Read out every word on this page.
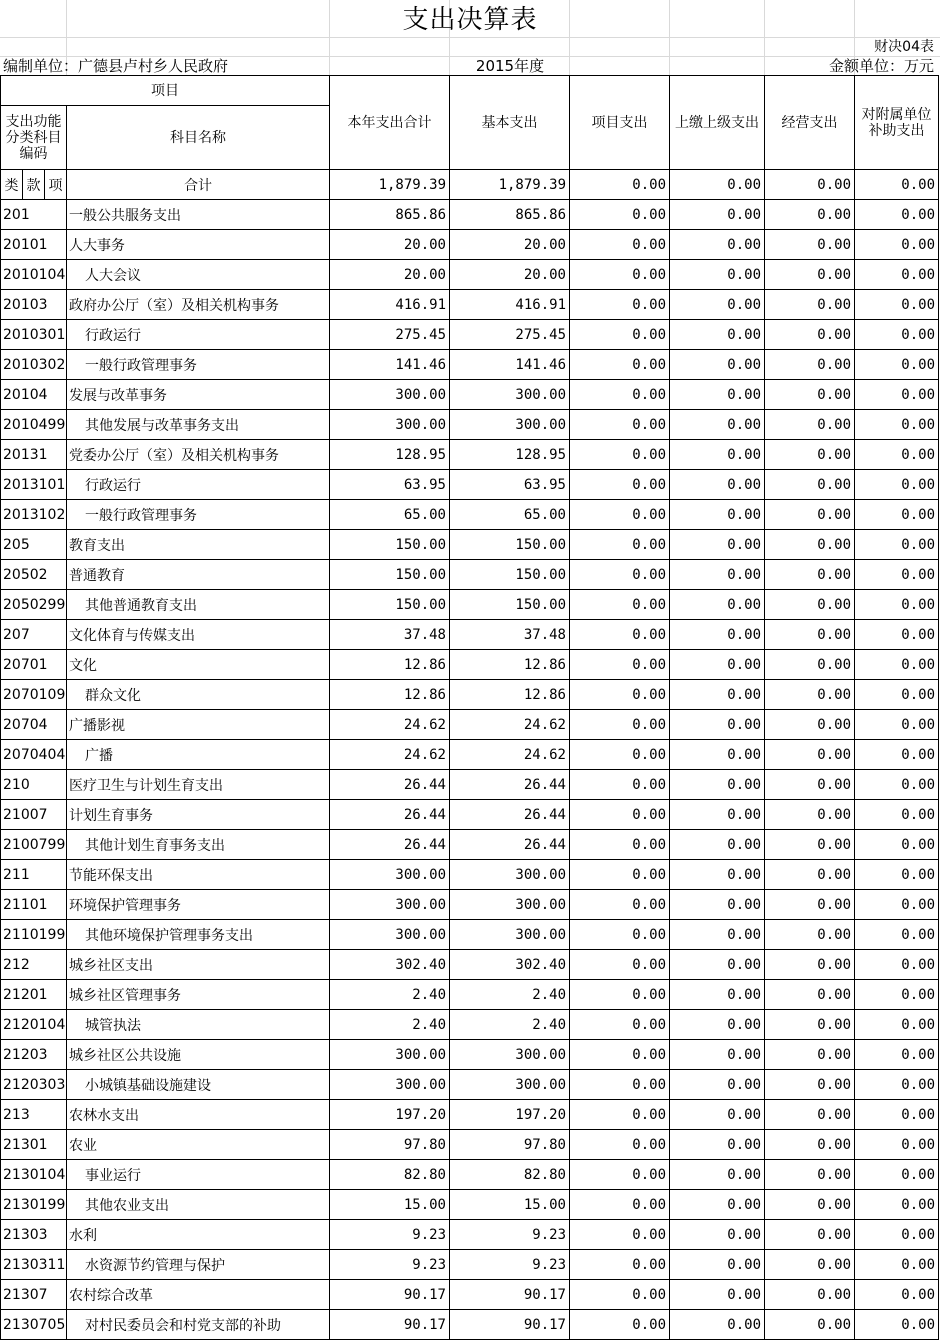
支出决算表
财决04表
编制单位：广德县卢村乡人民政府	2015年度	金额单位：万元
项目				本年支出合计	基本支出	项目支出	上缴上级支出	经营支出	对附属单位补助支出
支出功能分类科目编码			科目名称						
类	款	项	合计	1,879.39	1,879.39	0.00	0.00	0.00	0.00
201			一般公共服务支出	865.86	865.86	0.00	0.00	0.00	0.00
20101			人大事务	20.00	20.00	0.00	0.00	0.00	0.00
2010104			人大会议	20.00	20.00	0.00	0.00	0.00	0.00
20103			政府办公厅（室）及相关机构事务	416.91	416.91	0.00	0.00	0.00	0.00
2010301			行政运行	275.45	275.45	0.00	0.00	0.00	0.00
2010302			一般行政管理事务	141.46	141.46	0.00	0.00	0.00	0.00
20104			发展与改革事务	300.00	300.00	0.00	0.00	0.00	0.00
2010499			其他发展与改革事务支出	300.00	300.00	0.00	0.00	0.00	0.00
20131			党委办公厅（室）及相关机构事务	128.95	128.95	0.00	0.00	0.00	0.00
2013101			行政运行	63.95	63.95	0.00	0.00	0.00	0.00
2013102			一般行政管理事务	65.00	65.00	0.00	0.00	0.00	0.00
205			教育支出	150.00	150.00	0.00	0.00	0.00	0.00
20502			普通教育	150.00	150.00	0.00	0.00	0.00	0.00
2050299			其他普通教育支出	150.00	150.00	0.00	0.00	0.00	0.00
207			文化体育与传媒支出	37.48	37.48	0.00	0.00	0.00	0.00
20701			文化	12.86	12.86	0.00	0.00	0.00	0.00
2070109			群众文化	12.86	12.86	0.00	0.00	0.00	0.00
20704			广播影视	24.62	24.62	0.00	0.00	0.00	0.00
2070404			广播	24.62	24.62	0.00	0.00	0.00	0.00
210			医疗卫生与计划生育支出	26.44	26.44	0.00	0.00	0.00	0.00
21007			计划生育事务	26.44	26.44	0.00	0.00	0.00	0.00
2100799			其他计划生育事务支出	26.44	26.44	0.00	0.00	0.00	0.00
211			节能环保支出	300.00	300.00	0.00	0.00	0.00	0.00
21101			环境保护管理事务	300.00	300.00	0.00	0.00	0.00	0.00
2110199			其他环境保护管理事务支出	300.00	300.00	0.00	0.00	0.00	0.00
212			城乡社区支出	302.40	302.40	0.00	0.00	0.00	0.00
21201			城乡社区管理事务	2.40	2.40	0.00	0.00	0.00	0.00
2120104			城管执法	2.40	2.40	0.00	0.00	0.00	0.00
21203			城乡社区公共设施	300.00	300.00	0.00	0.00	0.00	0.00
2120303			小城镇基础设施建设	300.00	300.00	0.00	0.00	0.00	0.00
213			农林水支出	197.20	197.20	0.00	0.00	0.00	0.00
21301			农业	97.80	97.80	0.00	0.00	0.00	0.00
2130104			事业运行	82.80	82.80	0.00	0.00	0.00	0.00
2130199			其他农业支出	15.00	15.00	0.00	0.00	0.00	0.00
21303			水利	9.23	9.23	0.00	0.00	0.00	0.00
2130311			水资源节约管理与保护	9.23	9.23	0.00	0.00	0.00	0.00
21307			农村综合改革	90.17	90.17	0.00	0.00	0.00	0.00
2130705			对村民委员会和村党支部的补助	90.17	90.17	0.00	0.00	0.00	0.00
